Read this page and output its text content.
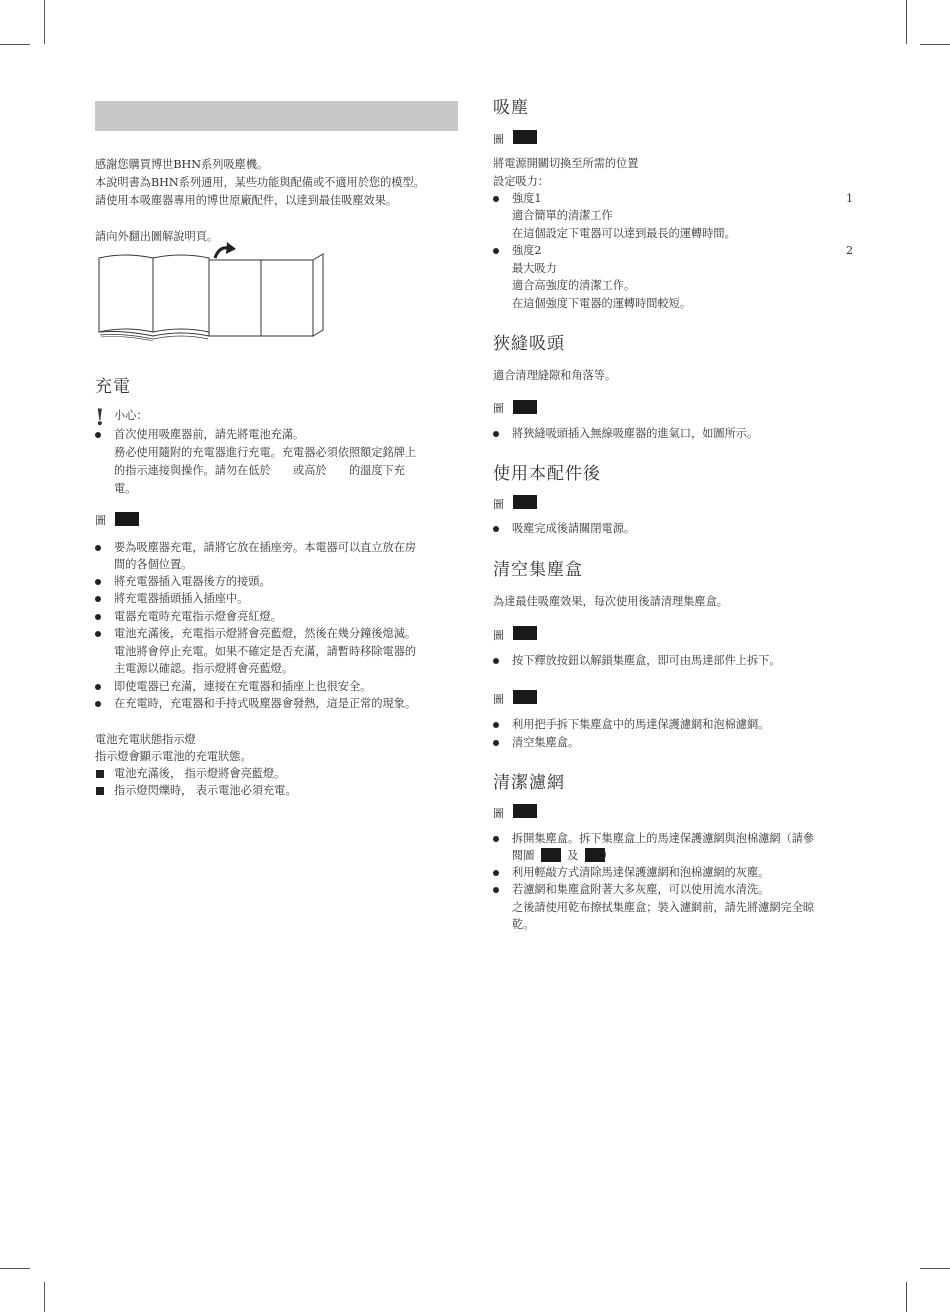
感謝您購買博世BHN系列吸塵機。
本說明書為BHN系列通用，某些功能與配備或不適用於您的模型。
請使用本吸塵器專用的博世原廠配件，以達到最佳吸塵效果。
請向外翻出圖解說明頁。
充電
! 小心：
首次使用吸塵器前，請先將電池充滿。
務必使用隨附的充電器進行充電。充電器必須依照額定銘牌上
的指示連接與操作。請勿在低於　　或高於　　的溫度下充
電。
圖
要為吸塵器充電，請將它放在插座旁。本電器可以直立放在房
間的各個位置。
將充電器插入電器後方的接頭。
將充電器插頭插入插座中。
電器充電時充電指示燈會亮紅燈。
電池充滿後，充電指示燈將會亮藍燈，然後在幾分鐘後熄滅。
電池將會停止充電。如果不確定是否充滿，請暫時移除電器的
主電源以確認。指示燈將會亮藍燈。
即使電器已充滿，連接在充電器和插座上也很安全。
在充電時，充電器和手持式吸塵器會發熱，這是正常的現象。
電池充電狀態指示燈
指示燈會顯示電池的充電狀態。
電池充滿後， 指示燈將會亮藍燈。
指示燈閃爍時， 表示電池必須充電。
吸塵
圖
將電源開關切換至所需的位置
設定吸力：
強度1	1
適合簡單的清潔工作
在這個設定下電器可以達到最長的運轉時間。
強度2	2
最大吸力
適合高強度的清潔工作。
在這個強度下電器的運轉時間較短。
狹縫吸頭
適合清理縫隙和角落等。
圖
將狹縫吸頭插入無線吸塵器的進氣口，如圖所示。
使用本配件後
圖
吸塵完成後請關閉電源。
清空集塵盒
為達最佳吸塵效果，每次使用後請清理集塵盒。
圖
按下釋放按鈕以解鎖集塵盒，即可由馬達部件上拆下。
圖
利用把手拆下集塵盒中的馬達保護濾網和泡棉濾網。
清空集塵盒。
清潔濾網
圖
拆開集塵盒。拆下集塵盒上的馬達保護濾網與泡棉濾網（請參
閱圖	及 ）
利用輕敲方式清除馬達保護濾網和泡棉濾網的灰塵。
若濾網和集塵盒附著大多灰塵，可以使用流水清洗。
之後請使用乾布擦拭集塵盒；裝入濾網前，請先將濾網完全晾
乾。
